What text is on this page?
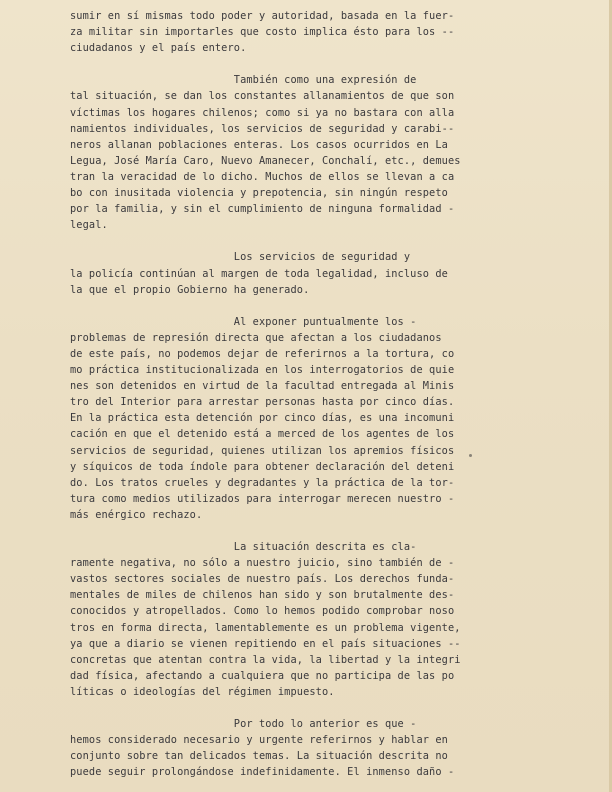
sumir en sí mismas todo poder y autoridad, basada en la fuer-
za militar sin importarles que costo implica ésto para los --
ciudadanos y el país entero.
También como una expresión de
tal situación, se dan los constantes allanamientos de que son
víctimas los hogares chilenos; como si ya no bastara con alla
namientos individuales, los servicios de seguridad y carabi--
neros allanan poblaciones enteras. Los casos ocurridos en La
Legua, José María Caro, Nuevo Amanecer, Conchalí, etc., demues
tran la veracidad de lo dicho. Muchos de ellos se llevan a ca
bo con inusitada violencia y prepotencia, sin ningún respeto
por la familia, y sin el cumplimiento de ninguna formalidad -
legal.
Los servicios de seguridad y
la policía continúan al margen de toda legalidad, incluso de
la que el propio Gobierno ha generado.
Al exponer puntualmente los -
problemas de represión directa que afectan a los ciudadanos
de este país, no podemos dejar de referirnos a la tortura, co
mo práctica institucionalizada en los interrogatorios de quie
nes son detenidos en virtud de la facultad entregada al Minis
tro del Interior para arrestar personas hasta por cinco días.
En la práctica esta detención por cinco días, es una incomuni
cación en que el detenido está a merced de los agentes de los
servicios de seguridad, quienes utilizan los apremios físicos
y síquicos de toda índole para obtener declaración del deteni
do. Los tratos crueles y degradantes y la práctica de la tor-
tura como medios utilizados para interrogar merecen nuestro -
más enérgico rechazo.
La situación descrita es cla-
ramente negativa, no sólo a nuestro juicio, sino también de -
vastos sectores sociales de nuestro país. Los derechos funda-
mentales de miles de chilenos han sido y son brutalmente des-
conocidos y atropellados. Como lo hemos podido comprobar noso
tros en forma directa, lamentablemente es un problema vigente,
ya que a diario se vienen repitiendo en el país situaciones --
concretas que atentan contra la vida, la libertad y la integri
dad física, afectando a cualquiera que no participa de las po
líticas o ideologías del régimen impuesto.
Por todo lo anterior es que -
hemos considerado necesario y urgente referirnos y hablar en
conjunto sobre tan delicados temas. La situación descrita no
puede seguir prolongándose indefinidamente. El inmenso daño -
